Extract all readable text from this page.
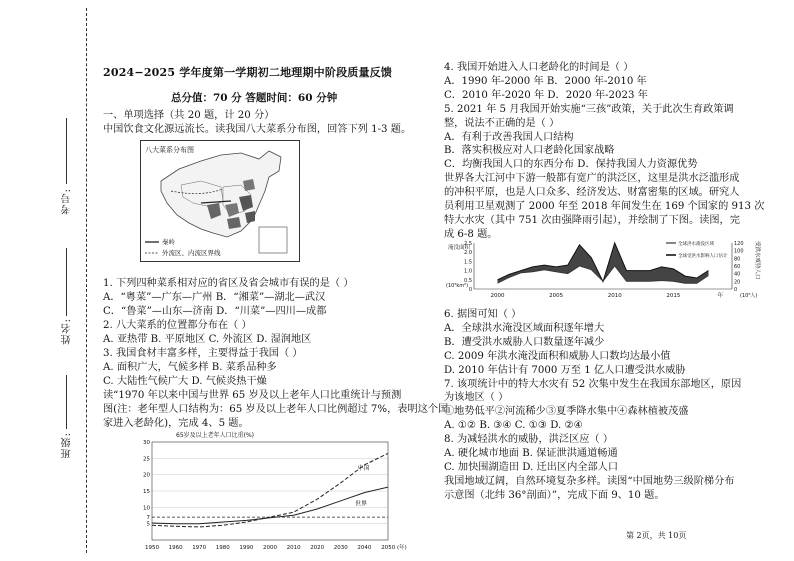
班级:
姓名:
考号:
2024−2025 学年度第一学期初二地理期中阶段质量反馈
总分值：70 分 答题时间：60 分钟
一、单项选择（共 20 题，计 20 分）
中国饮食文化源远流长。读我国八大菜系分布图，回答下列 1-3 题。
八大菜系分布图
秦岭
外流区、内流区界线
1. 下列四种菜系相对应的省区及省会城市有误的是（ ）
A．“粤菜”—广东—广州 B．“湘菜”—湖北—武汉
C．“鲁菜”—山东—济南 D．“川菜”—四川—成都
2. 八大菜系的位置都分布在（ ）
A. 亚热带 B. 平原地区 C. 外流区 D. 湿润地区
3. 我国食材丰富多样，主要得益于我国（ ）
A. 面积广大，气候多样 B. 菜系品种多
C. 大陆性气候广大 D. 气候炎热干燥
读“1970 年以来中国与世界 65 岁及以上老年人口比重统计与预测
图(注：老年型人口结构为：65 岁及以上老年人口比例超过 7%，表明这个国
家进入老龄化)，完成 4、5 题。
65岁及以上老年人口比重(%)
30
25
20
15
10
7
5
1950 1960 1970 1980 1990 2000 2010 2020 2030 2040 2050 (年)
中国
世界
4. 我国开始进入人口老龄化的时间是（ ）
A．1990 年-2000 年 B．2000 年-2010 年
C．2010 年-2020 年 D．2020 年-2023 年
5. 2021 年 5 月我国开始实施“三孩”政策，关于此次生育政策调
整，说法不正确的是（ ）
A．有利于改善我国人口结构
B．落实积极应对人口老龄化国家战略
C．均衡我国人口的东西分布 D．保持我国人力资源优势
世界各大江河中下游一般都有宽广的洪泛区，这里是洪水泛滥形成
的冲积平原，也是人口众多、经济发达、财富密集的区域。研究人
员利用卫星观测了 2000 年至 2018 年间发生在 169 个国家的 913 次
特大水灾（其中 751 次由强降雨引起），并绘制了下图。读图，完
成 6-8 题。
淹没面积
(10⁵km²)
受洪水威胁人口
(10⁶人)
2.5
2.0
1.5
1.0
0.5
0
120
100
80
60
40
20
0
2000	2005	2010	2015	年
全球洪水淹没区域
全球受洪水影响人口估计
6. 据图可知（ ）
A．全球洪水淹没区域面积逐年增大
B．遭受洪水威胁人口数量逐年减少
C. 2009 年洪水淹没面积和威胁人口数均达最小值
D. 2010 年估计有 7000 万至 1 亿人口遭受洪水威胁
7. 该项统计中的特大水灾有 52 次集中发生在我国东部地区，原因
为该地区（ ）
①地势低平②河流稀少③夏季降水集中④森林植被茂盛
A. ①② B. ③④ C. ①③ D. ②④
8. 为减轻洪水的威胁，洪泛区应（ ）
A. 硬化城市地面 B. 保证泄洪通道畅通
C. 加快围湖造田 D. 迁出区内全部人口
我国地域辽阔，自然环境复杂多样。读图“中国地势三级阶梯分布
示意图（北纬 36°剖面）”，完成下面 9、10 题。
第 2页，共 10页
